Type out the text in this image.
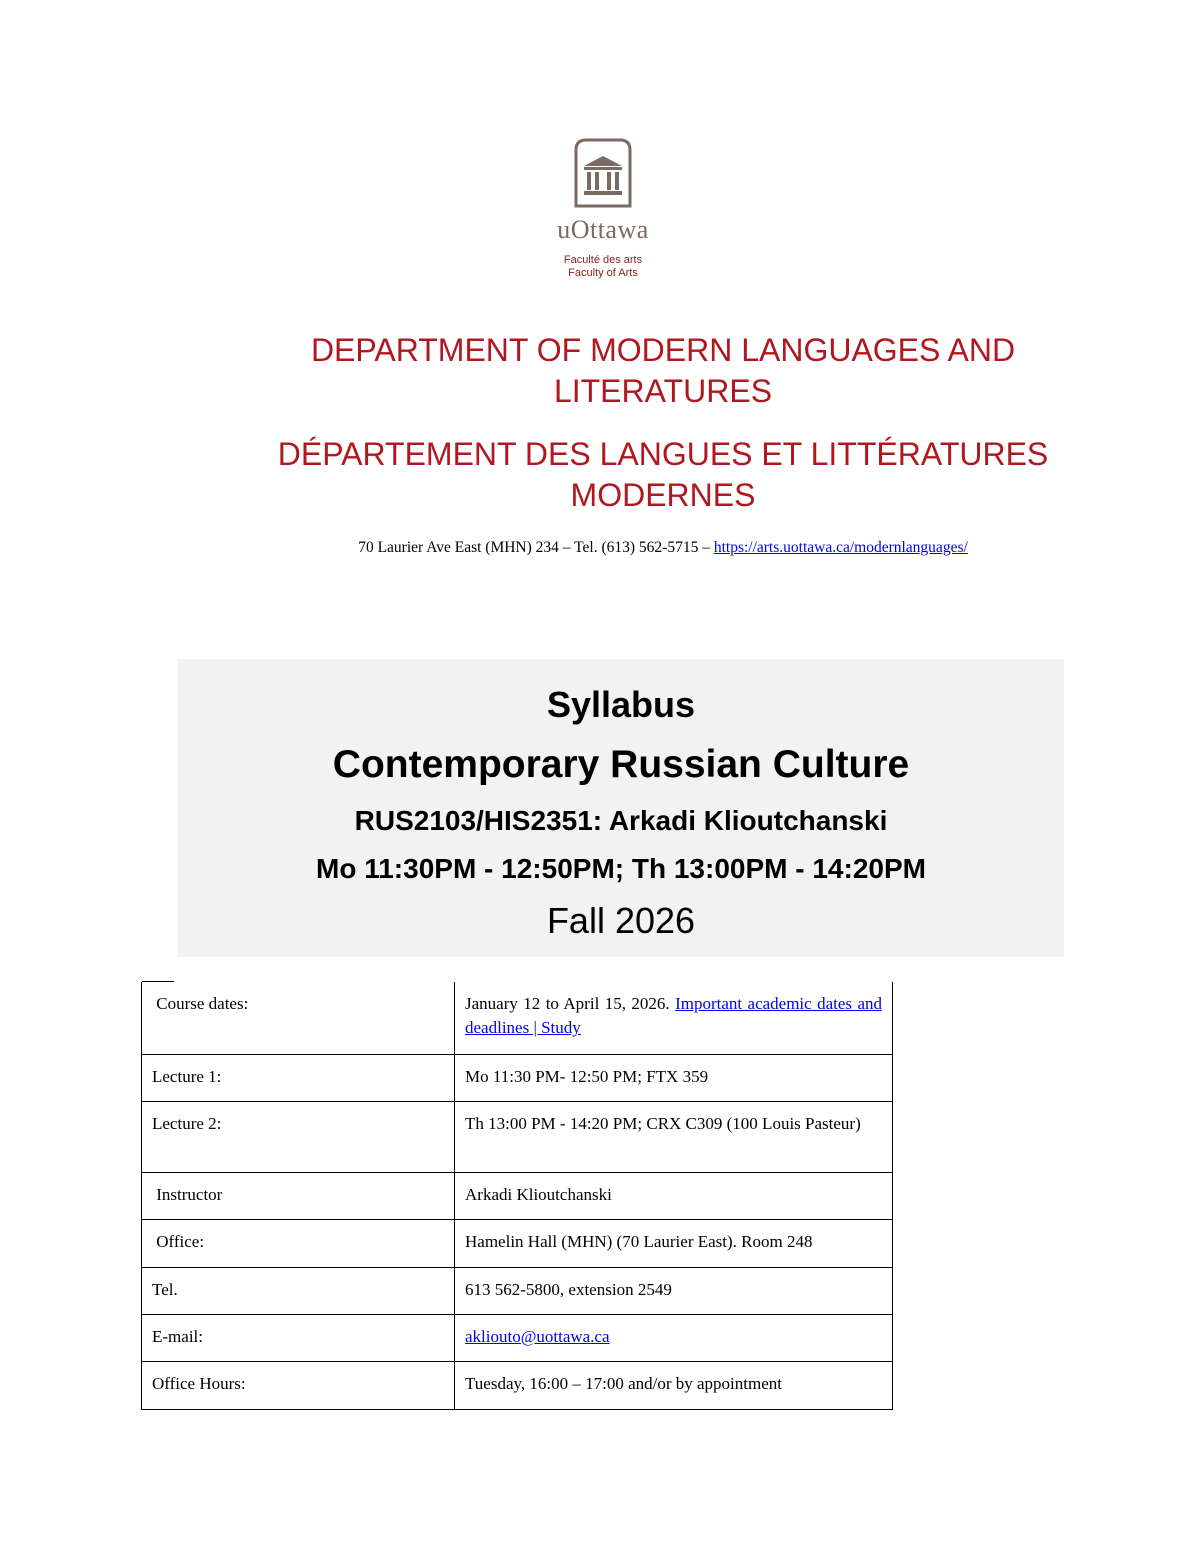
uOttawa
Faculté des arts
Faculty of Arts
DEPARTMENT OF MODERN LANGUAGES AND LITERATURES
DÉPARTEMENT DES LANGUES ET LITTÉRATURES MODERNES
70 Laurier Ave East (MHN) 234 – Tel. (613) 562-5715 – https://arts.uottawa.ca/modernlanguages/
Syllabus
Contemporary Russian Culture
RUS2103/HIS2351: Arkadi Klioutchanski
Mo 11:30PM - 12:50PM; Th 13:00PM - 14:20PM
Fall 2026
Course dates:	January 12 to April 15, 2026. Important academic dates and deadlines | Study
Lecture 1:	Mo 11:30 PM- 12:50 PM; FTX 359
Lecture 2:	Th 13:00 PM - 14:20 PM; CRX C309 (100 Louis Pasteur)
Instructor	Arkadi Klioutchanski
Office:	Hamelin Hall (MHN) (70 Laurier East). Room 248
Tel.	613 562-5800, extension 2549
E-mail:	akliouto@uottawa.ca
Office Hours:	Tuesday, 16:00 – 17:00 and/or by appointment
